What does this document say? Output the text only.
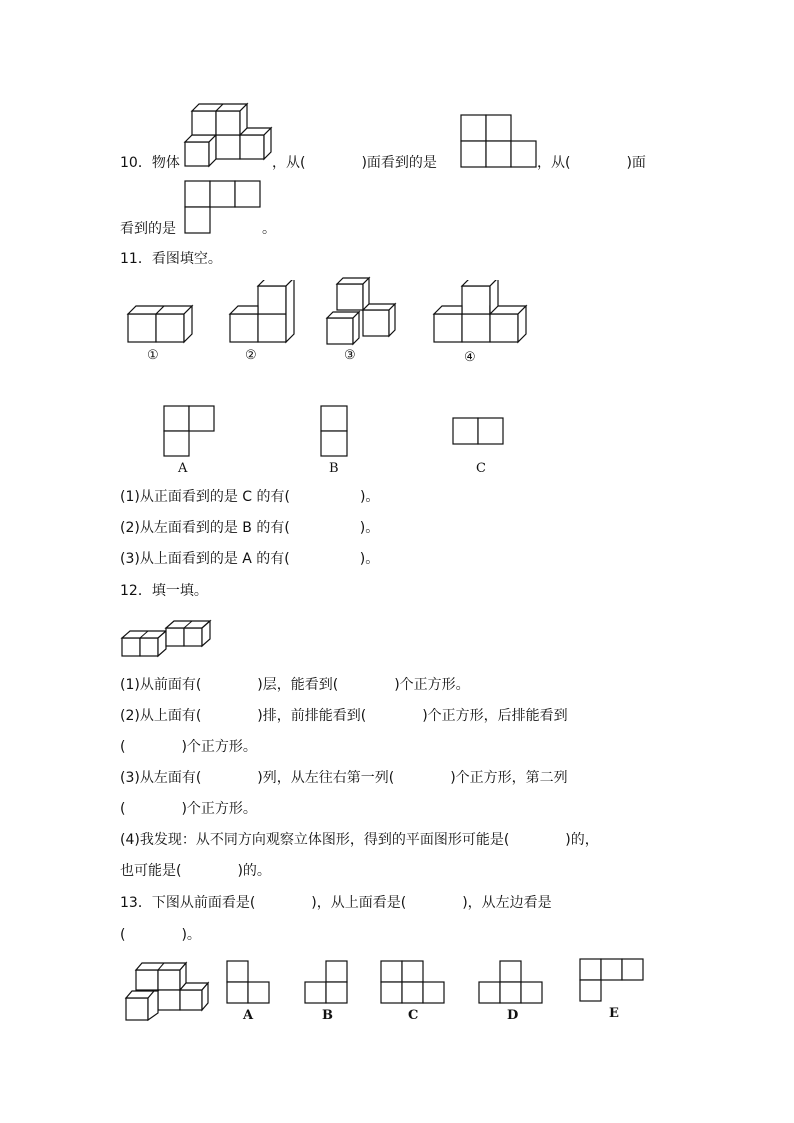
10．物体	，从(　　　　)面看到的是	，从(　　　　)面
看到的是	。
11．看图填空。
①	②	③	④
A	B	C
(1)从正面看到的是 C 的有(　　　　　)。
(2)从左面看到的是 B 的有(　　　　　)。
(3)从上面看到的是 A 的有(　　　　　)。
12．填一填。
(1)从前面有(　　　　)层，能看到(　　　　)个正方形。
(2)从上面有(　　　　)排，前排能看到(　　　　)个正方形，后排能看到
(　　　　)个正方形。
(3)从左面有(　　　　)列，从左往右第一列(　　　　)个正方形，第二列
(　　　　)个正方形。
(4)我发现：从不同方向观察立体图形，得到的平面图形可能是(　　　　)的，
也可能是(　　　　)的。
13．下图从前面看是(　　　　)，从上面看是(　　　　)，从左边看是
(　　　　)。
A	B	C	D	E
